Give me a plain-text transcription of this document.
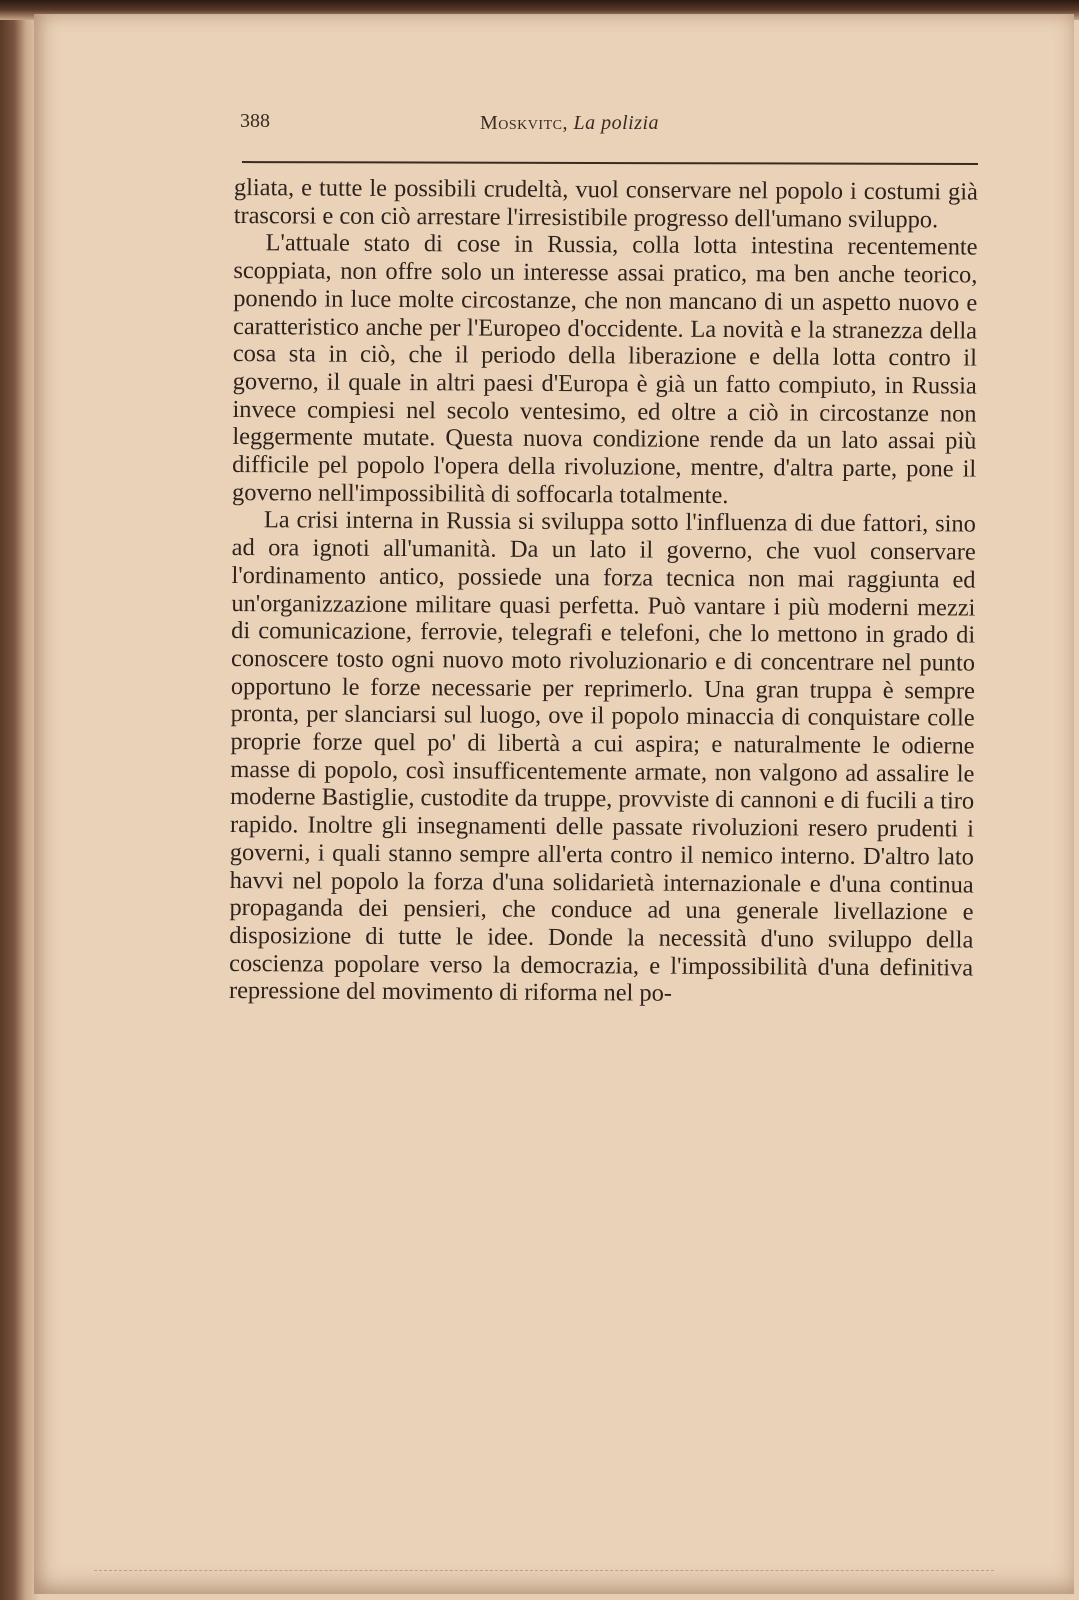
388	Moskvitc, La polizia

gliata, e tutte le possibili crudeltà, vuol conservare nel popolo i costumi già trascorsi e con ciò arrestare l'irresistibile progresso dell'umano sviluppo.

L'attuale stato di cose in Russia, colla lotta intestina recentemente scoppiata, non offre solo un interesse assai pratico, ma ben anche teorico, ponendo in luce molte circostanze, che non mancano di un aspetto nuovo e caratteristico anche per l'Europeo d'occidente. La novità e la stranezza della cosa sta in ciò, che il periodo della liberazione e della lotta contro il governo, il quale in altri paesi d'Europa è già un fatto compiuto, in Russia invece compiesi nel secolo ventesimo, ed oltre a ciò in circostanze non leggermente mutate. Questa nuova condizione rende da un lato assai più difficile pel popolo l'opera della rivoluzione, mentre, d'altra parte, pone il governo nell'impossibilità di soffocarla totalmente.

La crisi interna in Russia si sviluppa sotto l'influenza di due fattori, sino ad ora ignoti all'umanità. Da un lato il governo, che vuol conservare l'ordinamento antico, possiede una forza tecnica non mai raggiunta ed un'organizzazione militare quasi perfetta. Può vantare i più moderni mezzi di comunicazione, ferrovie, telegrafi e telefoni, che lo mettono in grado di conoscere tosto ogni nuovo moto rivoluzionario e di concentrare nel punto opportuno le forze necessarie per reprimerlo. Una gran truppa è sempre pronta, per slanciarsi sul luogo, ove il popolo minaccia di conquistare colle proprie forze quel po' di libertà a cui aspira; e naturalmente le odierne masse di popolo, così insufficentemente armate, non valgono ad assalire le moderne Bastiglie, custodite da truppe, provviste di cannoni e di fucili a tiro rapido. Inoltre gli insegnamenti delle passate rivoluzioni resero prudenti i governi, i quali stanno sempre all'erta contro il nemico interno. D'altro lato havvi nel popolo la forza d'una solidarietà internazionale e d'una continua propaganda dei pensieri, che conduce ad una generale livellazione e disposizione di tutte le idee. Donde la necessità d'uno sviluppo della coscienza popolare verso la democrazia, e l'impossibilità d'una definitiva repressione del movimento di riforma nel po-
